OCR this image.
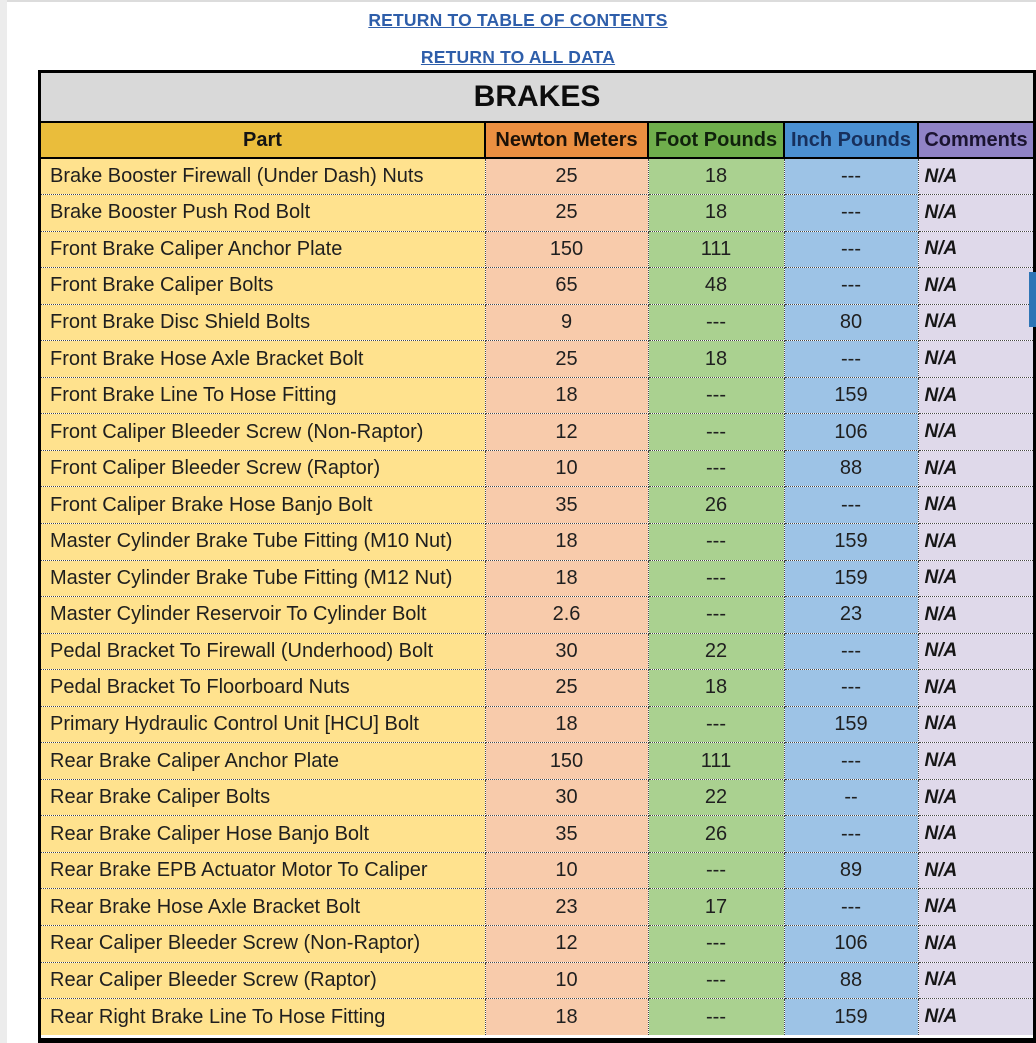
RETURN TO TABLE OF CONTENTS
RETURN TO ALL DATA
BRAKES
Part	Newton Meters	Foot Pounds	Inch Pounds	Comments
Brake Booster Firewall (Under Dash) Nuts	25	18	---	N/A
Brake Booster Push Rod Bolt	25	18	---	N/A
Front Brake Caliper Anchor Plate	150	111	---	N/A
Front Brake Caliper Bolts	65	48	---	N/A
Front Brake Disc Shield Bolts	9	---	80	N/A
Front Brake Hose Axle Bracket Bolt	25	18	---	N/A
Front Brake Line To Hose Fitting	18	---	159	N/A
Front Caliper Bleeder Screw (Non-Raptor)	12	---	106	N/A
Front Caliper Bleeder Screw (Raptor)	10	---	88	N/A
Front Caliper Brake Hose Banjo Bolt	35	26	---	N/A
Master Cylinder Brake Tube Fitting (M10 Nut)	18	---	159	N/A
Master Cylinder Brake Tube Fitting (M12 Nut)	18	---	159	N/A
Master Cylinder Reservoir To Cylinder Bolt	2.6	---	23	N/A
Pedal Bracket To Firewall (Underhood) Bolt	30	22	---	N/A
Pedal Bracket To Floorboard Nuts	25	18	---	N/A
Primary Hydraulic Control Unit [HCU] Bolt	18	---	159	N/A
Rear Brake Caliper Anchor Plate	150	111	---	N/A
Rear Brake Caliper Bolts	30	22	--	N/A
Rear Brake Caliper Hose Banjo Bolt	35	26	---	N/A
Rear Brake EPB Actuator Motor To Caliper	10	---	89	N/A
Rear Brake Hose Axle Bracket Bolt	23	17	---	N/A
Rear Caliper Bleeder Screw (Non-Raptor)	12	---	106	N/A
Rear Caliper Bleeder Screw (Raptor)	10	---	88	N/A
Rear Right Brake Line To Hose Fitting	18	---	159	N/A
